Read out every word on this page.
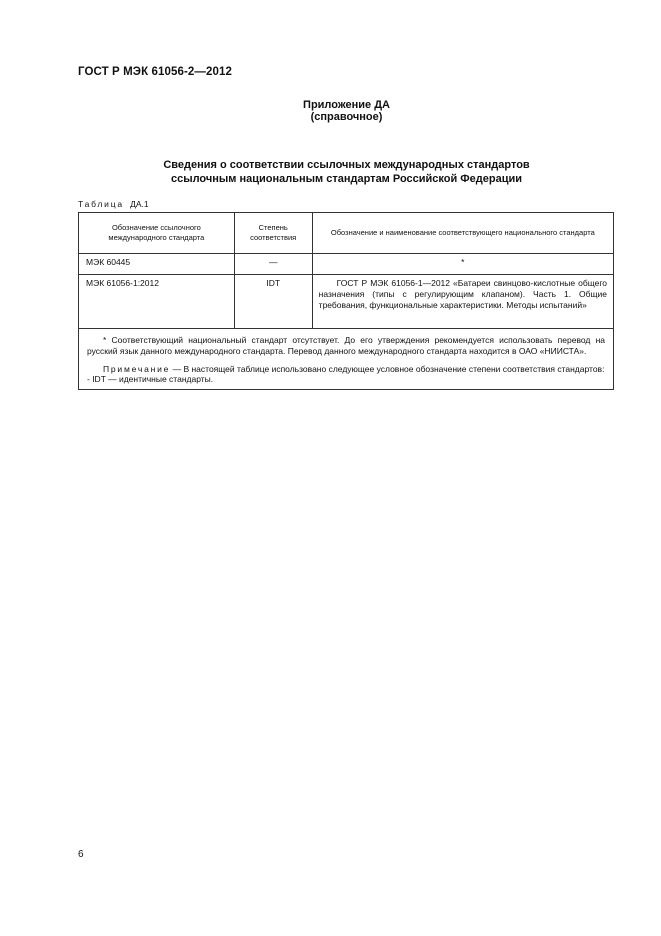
ГОСТ Р МЭК 61056-2—2012
Приложение ДА
(справочное)
Сведения о соответствии ссылочных международных стандартов
ссылочным национальным стандартам Российской Федерации
Таблица ДА.1
Обозначение ссылочного международного стандарта	Степень соответствия	Обозначение и наименование соответствующего национального стандарта
МЭК 60445	—	*
МЭК 61056-1:2012	IDT	ГОСТ Р МЭК 61056-1—2012 «Батареи свинцово-кислотные общего назначения (типы с регулирующим клапаном). Часть 1. Общие требования, функциональные характеристики. Методы испытаний»

* Соответствующий национальный стандарт отсутствует. До его утверждения рекомендуется использовать перевод на русский язык данного международного стандарта. Перевод данного международного стандарта находится в ОАО «НИИСТА».

Примечание — В настоящей таблице использовано следующее условное обозначение степени соответствия стандартов:

- IDT — идентичные стандарты.		

6
